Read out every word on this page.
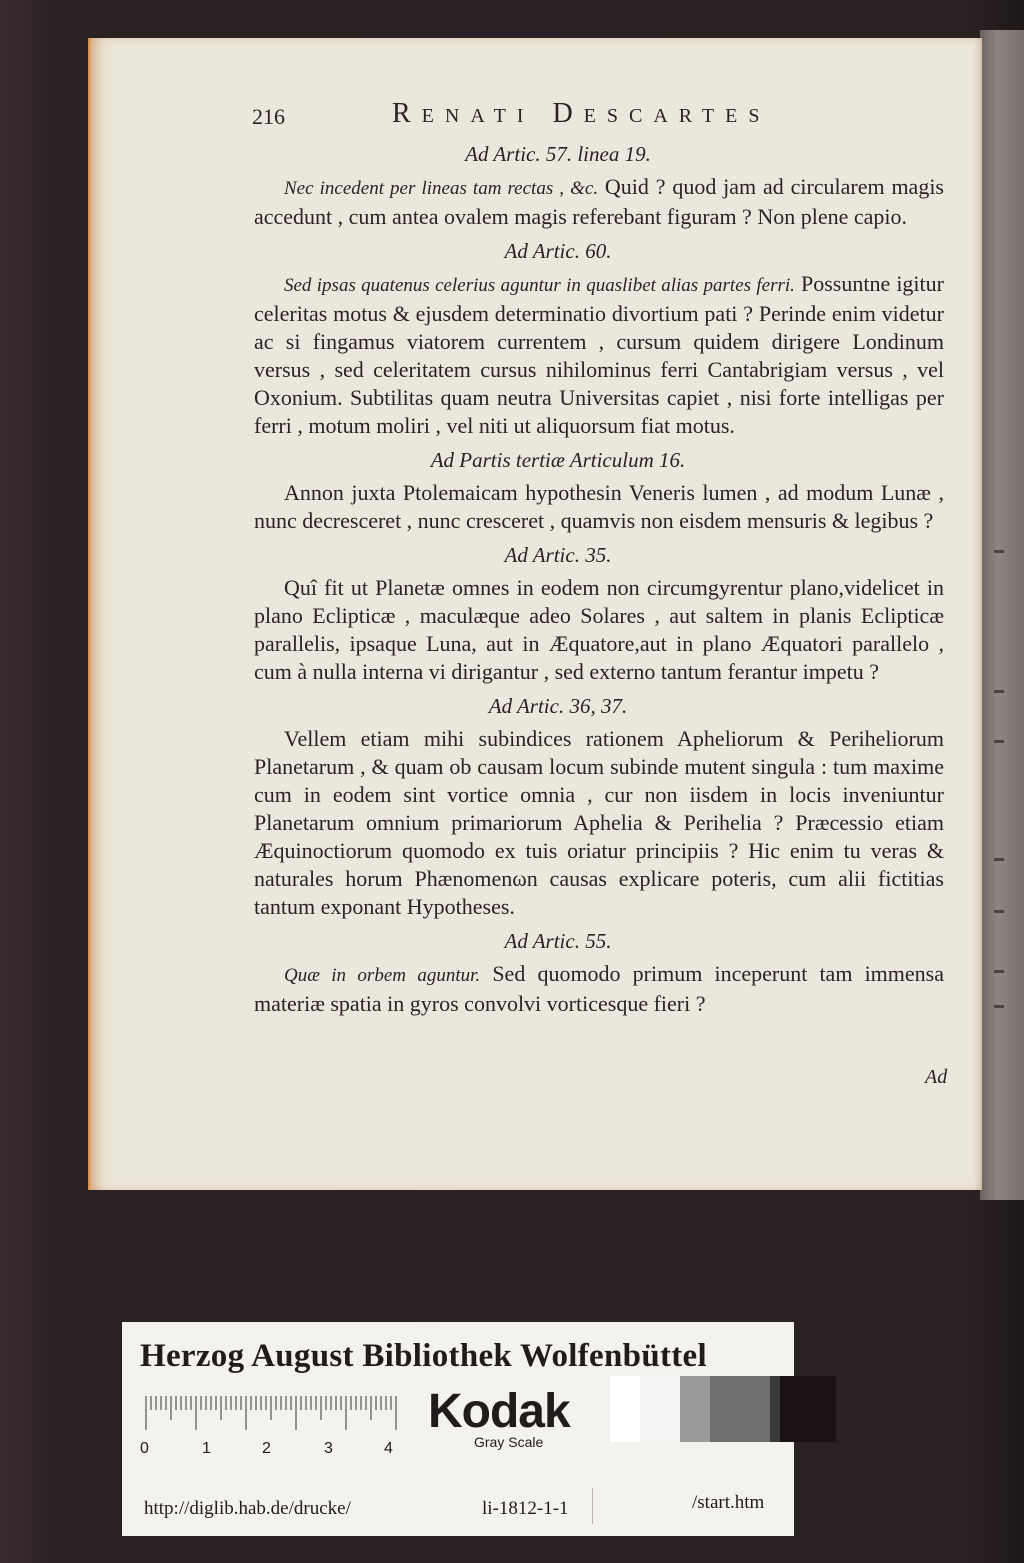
216	Renati Descartes
Ad Artic. 57. linea 19.

Nec incedent per lineas tam rectas , &c. Quid ? quod jam ad circularem magis accedunt , cum antea ovalem magis referebant figuram ? Non plene capio.

Ad Artic. 60.

Sed ipsas quatenus celerius aguntur in quaslibet alias partes ferri. Possuntne igitur celeritas motus & ejusdem determinatio divortium pati ? Perinde enim videtur ac si fingamus viatorem currentem , cursum quidem dirigere Londinum versus , sed celeritatem cursus nihilominus ferri Cantabrigiam versus , vel Oxonium. Subtilitas quam neutra Universitas capiet , nisi forte intelligas per ferri , motum moliri , vel niti ut aliquorsum fiat motus.

Ad Partis tertiæ Articulum 16.

Annon juxta Ptolemaicam hypothesin Veneris lumen , ad modum Lunæ , nunc decresceret , nunc cresceret , quamvis non eisdem mensuris & legibus ?

Ad Artic. 35.

Quî fit ut Planetæ omnes in eodem non circumgyrentur plano,videlicet in plano Eclipticæ , maculæque adeo Solares , aut saltem in planis Eclipticæ parallelis, ipsaque Luna, aut in Æquatore,aut in plano Æquatori parallelo , cum à nulla interna vi dirigantur , sed externo tantum ferantur impetu ?

Ad Artic. 36, 37.

Vellem etiam mihi subindices rationem Apheliorum & Periheliorum Planetarum , & quam ob causam locum subinde mutent singula : tum maxime cum in eodem sint vortice omnia , cur non iisdem in locis inveniuntur Planetarum omnium primariorum Aphelia & Perihelia ? Præcessio etiam Æquinoctiorum quomodo ex tuis oriatur principiis ? Hic enim tu veras & naturales horum Phænomenωn causas explicare poteris, cum alii fictitias tantum exponant Hypotheses.

Ad Artic. 55.

Quæ in orbem aguntur. Sed quomodo primum inceperunt tam immensa materiæ spatia in gyros convolvi vorticesque fieri ?

Ad
Herzog August Bibliothek Wolfenbüttel
0	1	2	3	4
Kodak
Gray Scale
http://diglib.hab.de/drucke/	li-1812-1-1	/start.htm
